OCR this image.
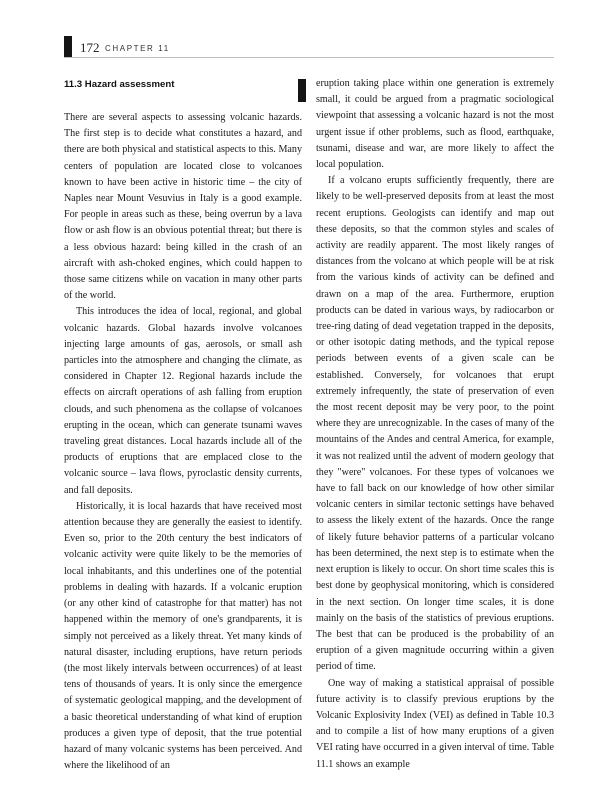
172 CHAPTER 11
11.3 Hazard assessment

There are several aspects to assessing volcanic hazards. The first step is to decide what constitutes a hazard, and there are both physical and statistical aspects to this. Many centers of population are located close to volcanoes known to have been active in historic time – the city of Naples near Mount Vesuvius in Italy is a good example. For people in areas such as these, being overrun by a lava flow or ash flow is an obvious potential threat; but there is a less obvious hazard: being killed in the crash of an aircraft with ash-choked engines, which could happen to those same citizens while on vacation in many other parts of the world.

This introduces the idea of local, regional, and global volcanic hazards. Global hazards involve volcanoes injecting large amounts of gas, aerosols, or small ash particles into the atmosphere and changing the climate, as considered in Chapter 12. Regional hazards include the effects on aircraft operations of ash falling from eruption clouds, and such phenomena as the collapse of volcanoes erupting in the ocean, which can generate tsunami waves traveling great distances. Local hazards include all of the products of eruptions that are emplaced close to the volcanic source – lava flows, pyroclastic density currents, and fall deposits.

Historically, it is local hazards that have received most attention because they are generally the easiest to identify. Even so, prior to the 20th century the best indicators of volcanic activity were quite likely to be the memories of local inhabitants, and this underlines one of the potential problems in dealing with hazards. If a volcanic eruption (or any other kind of catastrophe for that matter) has not happened within the memory of one's grandparents, it is simply not perceived as a likely threat. Yet many kinds of natural disaster, including eruptions, have return periods (the most likely intervals between occurrences) of at least tens of thousands of years. It is only since the emergence of systematic geological mapping, and the development of a basic theoretical understanding of what kind of eruption produces a given type of deposit, that the true potential hazard of many volcanic systems has been perceived. And where the likelihood of an

eruption taking place within one generation is extremely small, it could be argued from a pragmatic sociological viewpoint that assessing a volcanic hazard is not the most urgent issue if other problems, such as flood, earthquake, tsunami, disease and war, are more likely to affect the local population.

If a volcano erupts sufficiently frequently, there are likely to be well-preserved deposits from at least the most recent eruptions. Geologists can identify and map out these deposits, so that the common styles and scales of activity are readily apparent. The most likely ranges of distances from the volcano at which people will be at risk from the various kinds of activity can be defined and drawn on a map of the area. Furthermore, eruption products can be dated in various ways, by radiocarbon or tree-ring dating of dead vegetation trapped in the deposits, or other isotopic dating methods, and the typical repose periods between events of a given scale can be established. Conversely, for volcanoes that erupt extremely infrequently, the state of preservation of even the most recent deposit may be very poor, to the point where they are unrecognizable. In the cases of many of the mountains of the Andes and central America, for example, it was not realized until the advent of modern geology that they "were" volcanoes. For these types of volcanoes we have to fall back on our knowledge of how other similar volcanic centers in similar tectonic settings have behaved to assess the likely extent of the hazards. Once the range of likely future behavior patterns of a particular volcano has been determined, the next step is to estimate when the next eruption is likely to occur. On short time scales this is best done by geophysical monitoring, which is considered in the next section. On longer time scales, it is done mainly on the basis of the statistics of previous eruptions. The best that can be produced is the probability of an eruption of a given magnitude occurring within a given period of time.

One way of making a statistical appraisal of possible future activity is to classify previous eruptions by the Volcanic Explosivity Index (VEI) as defined in Table 10.3 and to compile a list of how many eruptions of a given VEI rating have occurred in a given interval of time. Table 11.1 shows an example
